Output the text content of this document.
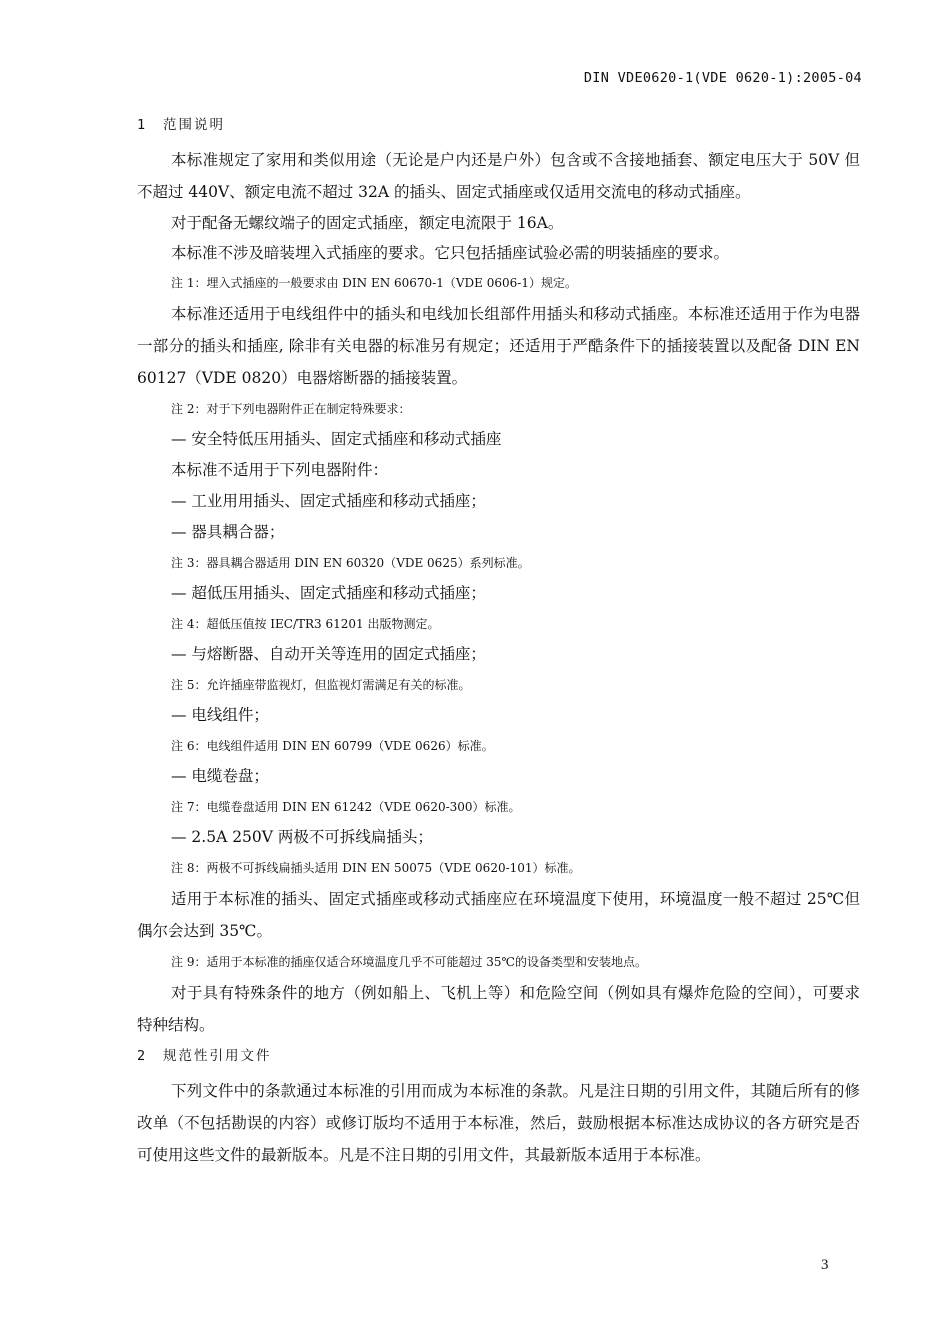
DIN VDE0620-1(VDE 0620-1):2005-04
1 范围说明

本标准规定了家用和类似用途（无论是户内还是户外）包含或不含接地插套、额定电压大于 50V 但不超过 440V、额定电流不超过 32A 的插头、固定式插座或仅适用交流电的移动式插座。

对于配备无螺纹端子的固定式插座，额定电流限于 16A。

本标准不涉及暗装埋入式插座的要求。它只包括插座试验必需的明装插座的要求。

注 1：埋入式插座的一般要求由 DIN EN 60670-1（VDE 0606-1）规定。

本标准还适用于电线组件中的插头和电线加长组部件用插头和移动式插座。本标准还适用于作为电器一部分的插头和插座, 除非有关电器的标准另有规定；还适用于严酷条件下的插接装置以及配备 DIN EN 60127（VDE 0820）电器熔断器的插接装置。

注 2：对于下列电器附件正在制定特殊要求：

— 安全特低压用插头、固定式插座和移动式插座

本标准不适用于下列电器附件：

— 工业用用插头、固定式插座和移动式插座；

— 器具耦合器；

注 3：器具耦合器适用 DIN EN 60320（VDE 0625）系列标准。

— 超低压用插头、固定式插座和移动式插座；

注 4：超低压值按 IEC/TR3 61201 出版物测定。

— 与熔断器、自动开关等连用的固定式插座；

注 5：允许插座带监视灯，但监视灯需满足有关的标准。

— 电线组件；

注 6：电线组件适用 DIN EN 60799（VDE 0626）标准。

— 电缆卷盘；

注 7：电缆卷盘适用 DIN EN 61242（VDE 0620-300）标准。

— 2.5A 250V 两极不可拆线扁插头；

注 8：两极不可拆线扁插头适用 DIN EN 50075（VDE 0620-101）标准。

适用于本标准的插头、固定式插座或移动式插座应在环境温度下使用，环境温度一般不超过 25℃但偶尔会达到 35℃。

注 9：适用于本标准的插座仅适合环境温度几乎不可能超过 35℃的设备类型和安装地点。

对于具有特殊条件的地方（例如船上、飞机上等）和危险空间（例如具有爆炸危险的空间），可要求特种结构。

2 规范性引用文件

下列文件中的条款通过本标准的引用而成为本标准的条款。凡是注日期的引用文件，其随后所有的修改单（不包括勘误的内容）或修订版均不适用于本标准，然后，鼓励根据本标准达成协议的各方研究是否可使用这些文件的最新版本。凡是不注日期的引用文件，其最新版本适用于本标准。

3
